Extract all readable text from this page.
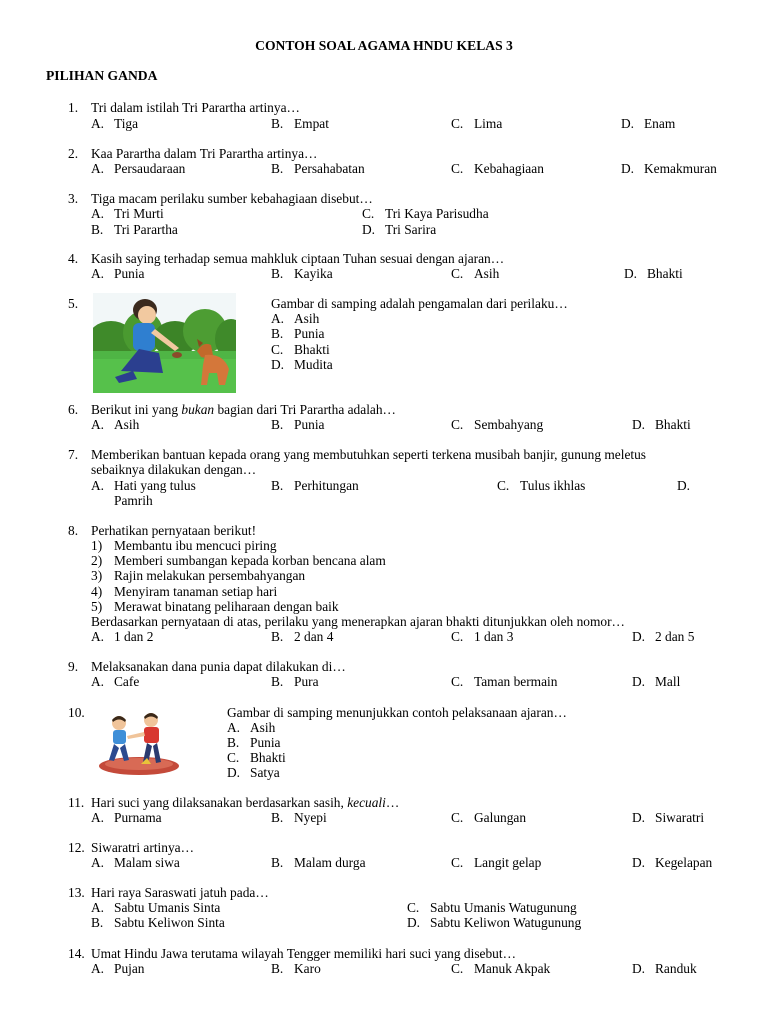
CONTOH SOAL AGAMA HNDU KELAS 3
PILIHAN GANDA
1. Tri dalam istilah Tri Parartha artinya…
A. Tiga	B. Empat	C. Lima	D. Enam
2. Kaa Parartha dalam Tri Parartha artinya…
A. Persaudaraan	B. Persahabatan	C. Kebahagiaan	D. Kemakmuran
3. Tiga macam perilaku sumber kebahagiaan disebut…
A. Tri Murti
B. Tri Parartha
C. Tri Kaya Parisudha
D. Tri Sarira
4. Kasih saying terhadap semua mahkluk ciptaan Tuhan sesuai dengan ajaran…
A. Punia	B. Kayika	C. Asih	D. Bhakti
5.	Gambar di samping adalah pengamalan dari perilaku…
A. Asih
B. Punia
C. Bhakti
D. Mudita
6. Berikut ini yang bukan bagian dari Tri Parartha adalah…
A. Asih	B. Punia	C. Sembahyang	D. Bhakti
7. Memberikan bantuan kepada orang yang membutuhkan seperti terkena musibah banjir, gunung meletus
sebaiknya dilakukan dengan…
A. Hati yang tulus	B. Perhitungan	C. Tulus ikhlas	D.
Pamrih
8. Perhatikan pernyataan berikut!
1) Membantu ibu mencuci piring
2) Memberi sumbangan kepada korban bencana alam
3) Rajin melakukan persembahyangan
4) Menyiram tanaman setiap hari
5) Merawat binatang peliharaan dengan baik
Berdasarkan pernyataan di atas, perilaku yang menerapkan ajaran bhakti ditunjukkan oleh nomor…
A. 1 dan 2	B. 2 dan 4	C. 1 dan 3	D. 2 dan 5
9. Melaksanakan dana punia dapat dilakukan di…
A. Cafe	B. Pura	C. Taman bermain	D. Mall
10.	Gambar di samping menunjukkan contoh pelaksanaan ajaran…
A. Asih
B. Punia
C. Bhakti
D. Satya
11. Hari suci yang dilaksanakan berdasarkan sasih, kecuali…
A. Purnama	B. Nyepi	C. Galungan	D. Siwaratri
12. Siwaratri artinya…
A. Malam siwa	B. Malam durga	C. Langit gelap	D. Kegelapan
13. Hari raya Saraswati jatuh pada…
A. Sabtu Umanis Sinta
B. Sabtu Keliwon Sinta
C. Sabtu Umanis Watugunung
D. Sabtu Keliwon Watugunung
14. Umat Hindu Jawa terutama wilayah Tengger memiliki hari suci yang disebut…
A. Pujan	B. Karo	C. Manuk Akpak	D. Randuk
